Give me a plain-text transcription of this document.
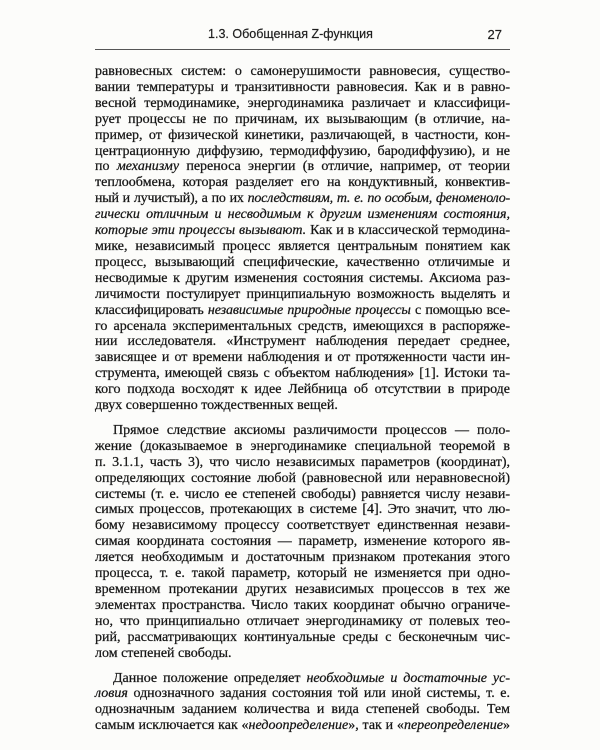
1.3. Обобщенная Z-функция	27
равновесных систем: о самонерушимости равновесия, существо-
вании температуры и транзитивности равновесия. Как и в равно-
весной термодинамике, энергодинамика различает и классифици-
рует процессы не по причинам, их вызывающим (в отличие, на-
пример, от физической кинетики, различающей, в частности, кон-
центрационную диффузию, термодиффузию, бародиффузию), и не
по механизму переноса энергии (в отличие, например, от теории
теплообмена, которая разделяет его на кондуктивный, конвектив-
ный и лучистый), а по их последствиям, т. е. по особым, феноменоло-
гически отличным и несводимым к другим изменениям состояния,
которые эти процессы вызывают. Как и в классической термодина-
мике, независимый процесс является центральным понятием как
процесс, вызывающий специфические, качественно отличимые и
несводимые к другим изменения состояния системы. Аксиома раз-
личимости постулирует принципиальную возможность выделять и
классифицировать независимые природные процессы с помощью все-
го арсенала экспериментальных средств, имеющихся в распоряже-
нии исследователя. «Инструмент наблюдения передает среднее,
зависящее и от времени наблюдения и от протяженности части ин-
струмента, имеющей связь с объектом наблюдения» [1]. Истоки та-
кого подхода восходят к идее Лейбница об отсутствии в природе
двух совершенно тождественных вещей.
Прямое следствие аксиомы различимости процессов — поло-
жение (доказываемое в энергодинамике специальной теоремой в
п. 3.1.1, часть 3), что число независимых параметров (координат),
определяющих состояние любой (равновесной или неравновесной)
системы (т. е. число ее степеней свободы) равняется числу незави-
симых процессов, протекающих в системе [4]. Это значит, что лю-
бому независимому процессу соответствует единственная незави-
симая координата состояния — параметр, изменение которого яв-
ляется необходимым и достаточным признаком протекания этого
процесса, т. е. такой параметр, который не изменяется при одно-
временном протекании других независимых процессов в тех же
элементах пространства. Число таких координат обычно ограниче-
но, что принципиально отличает энергодинамику от полевых тео-
рий, рассматривающих континуальные среды с бесконечным чис-
лом степеней свободы.
Данное положение определяет необходимые и достаточные ус-
ловия однозначного задания состояния той или иной системы, т. е.
однозначным заданием количества и вида степеней свободы. Тем
самым исключается как «недоопределение», так и «переопределение»
